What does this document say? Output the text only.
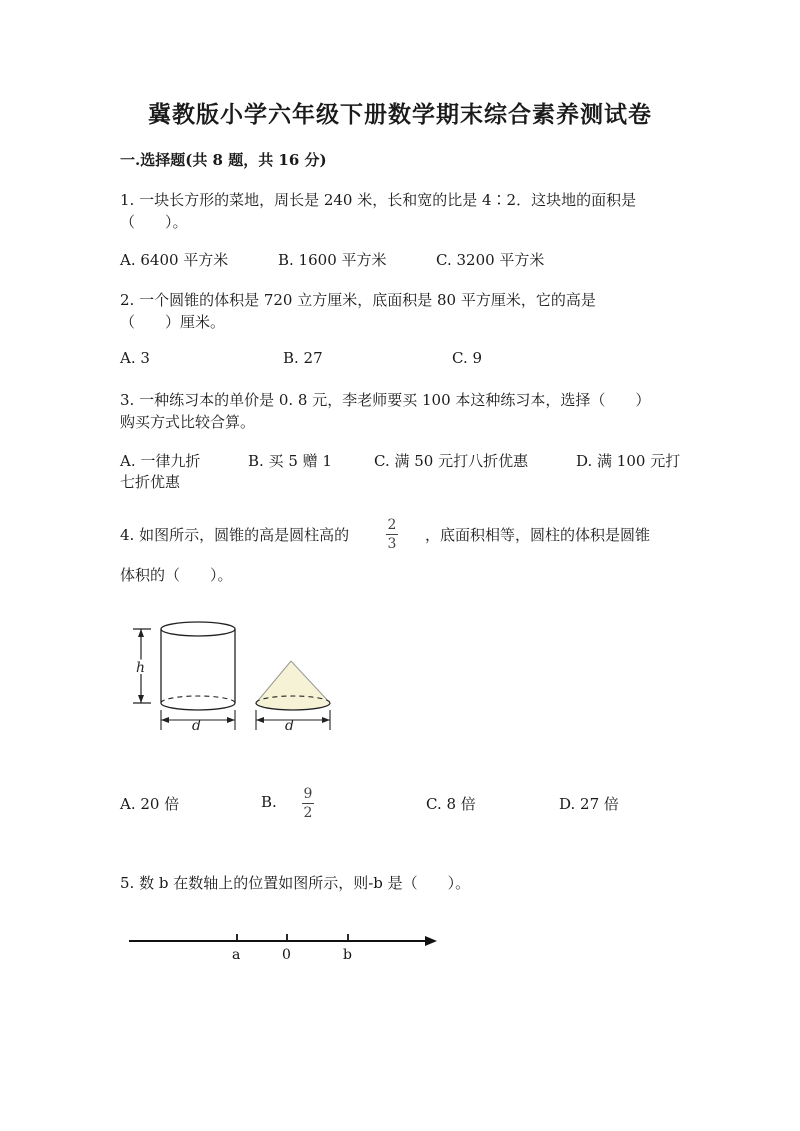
冀教版小学六年级下册数学期末综合素养测试卷
一.选择题(共 8 题，共 16 分)
1. 一块长方形的菜地，周长是 240 米，长和宽的比是 4∶2．这块地的面积是
（　　）。
A. 6400 平方米	B. 1600 平方米	C. 3200 平方米
2. 一个圆锥的体积是 720 立方厘米，底面积是 80 平方厘米，它的高是
（　　）厘米。
A. 3	B. 27	C. 9
3. 一种练习本的单价是 0. 8 元，李老师要买 100 本这种练习本，选择（　　）
购买方式比较合算。
A. 一律九折	B. 买 5 赠 1	C. 满 50 元打八折优惠	D. 满 100 元打
七折优惠
4. 如图所示，圆锥的高是圆柱高的
2
3 ，底面积相等，圆柱的体积是圆锥
体积的（　　）。
h
d	d
A. 20 倍	B. 9
2	C. 8 倍	D. 27 倍
5. 数 b 在数轴上的位置如图所示，则-b 是（　　）。
a	0	b
